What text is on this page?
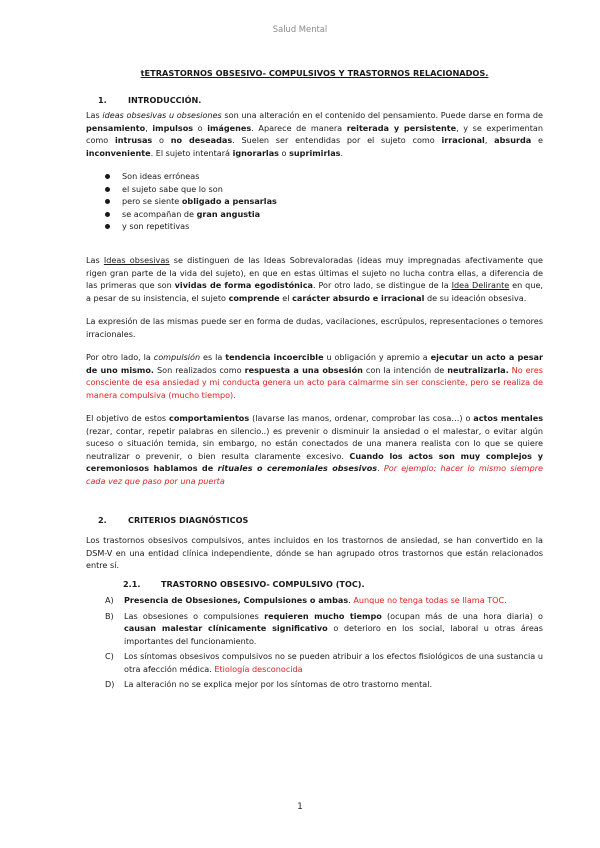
Salud Mental
tETRASTORNOS OBSESIVO- COMPULSIVOS Y TRASTORNOS RELACIONADOS.
1.	INTRODUCCIÓN.

Las ideas obsesivas u obsesiones son una alteración en el contenido del pensamiento. Puede darse en forma de pensamiento, impulsos o imágenes. Aparece de manera reiterada y persistente, y se experimentan como intrusas o no deseadas. Suelen ser entendidas por el sujeto como irracional, absurda e inconveniente. El sujeto intentará ignorarlas o suprimirlas.

Son ideas erróneas
el sujeto sabe que lo son
pero se siente obligado a pensarlas
se acompañan de gran angustia
y son repetitivas

Las Ideas obsesivas se distinguen de las Ideas Sobrevaloradas (ideas muy impregnadas afectivamente que rigen gran parte de la vida del sujeto), en que en estas últimas el sujeto no lucha contra ellas, a diferencia de las primeras que son vividas de forma egodistónica. Por otro lado, se distingue de la Idea Delirante en que, a pesar de su insistencia, el sujeto comprende el carácter absurdo e irracional de su ideación obsesiva.

La expresión de las mismas puede ser en forma de dudas, vacilaciones, escrúpulos, representaciones o temores irracionales.

Por otro lado, la compulsión es la tendencia incoercible u obligación y apremio a ejecutar un acto a pesar de uno mismo. Son realizados como respuesta a una obsesión con la intención de neutralizarla. No eres consciente de esa ansiedad y mi conducta genera un acto para calmarme sin ser consciente, pero se realiza de manera compulsiva (mucho tiempo).

El objetivo de estos comportamientos (lavarse las manos, ordenar, comprobar las cosa…) o actos mentales (rezar, contar, repetir palabras en silencio..) es prevenir o disminuir la ansiedad o el malestar, o evitar algún suceso o situación temida, sin embargo, no están conectados de una manera realista con lo que se quiere neutralizar o prevenir, o bien resulta claramente excesivo. Cuando los actos son muy complejos y ceremoniosos hablamos de rituales o ceremoniales obsesivos. Por ejemplo: hacer lo mismo siempre cada vez que paso por una puerta

2.	CRITERIOS DIAGNÓSTICOS

Los trastornos obsesivos compulsivos, antes incluidos en los trastornos de ansiedad, se han convertido en la DSM-V en una entidad clínica independiente, dónde se han agrupado otros trastornos que están relacionados entre sí.

2.1.	TRASTORNO OBSESIVO- COMPULSIVO (TOC).
A) Presencia de Obsesiones, Compulsiones o ambas. Aunque no tenga todas se llama TOC.
B) Las obsesiones o compulsiones requieren mucho tiempo (ocupan más de una hora diaria) o causan malestar clínicamente significativo o deterioro en los social, laboral u otras áreas importantes del funcionamiento.
C) Los síntomas obsesivos compulsivos no se pueden atribuir a los efectos fisiológicos de una sustancia u otra afección médica. Etiología desconocida
D) La alteración no se explica mejor por los síntomas de otro trastorno mental.
1
